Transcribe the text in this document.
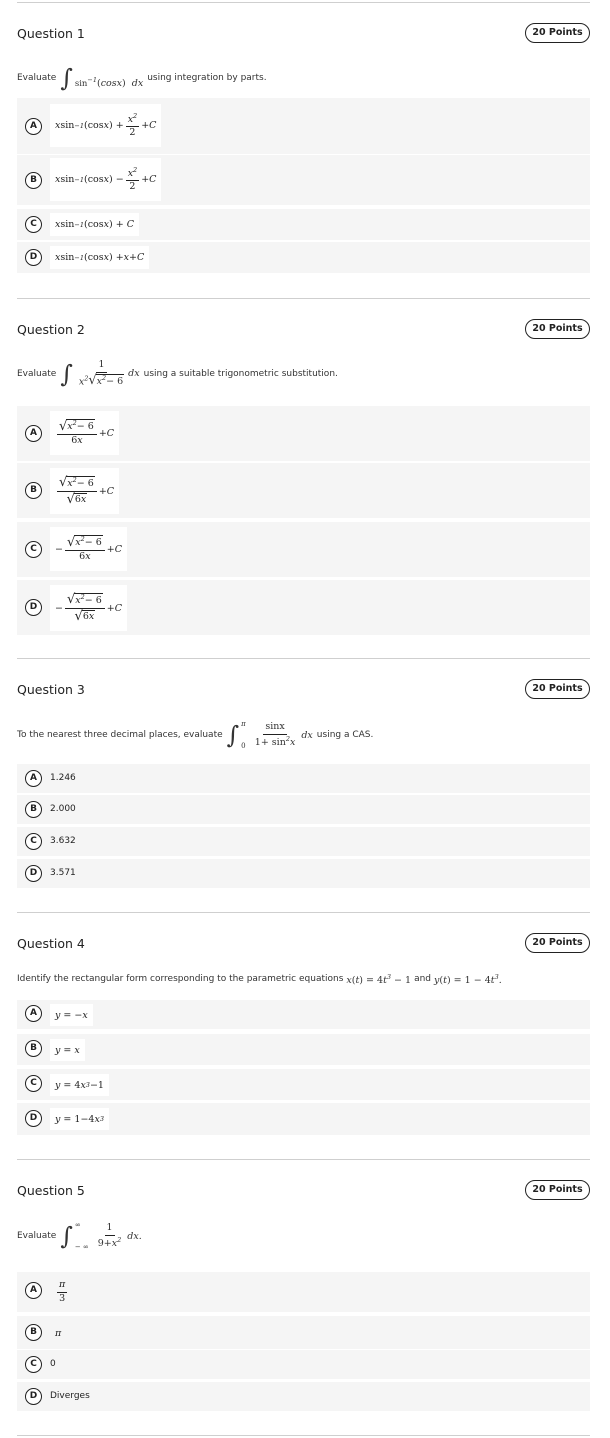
Question 1	20 Points
Evaluate ∫ $\sin^{-1}(\cos x)$  dx using integration by parts.
A	x sin −1 (cos x ) + $\frac{x^2}{2} + C$
B	x sin −1 (cos x ) − $\frac{x^2}{2} + C$
C	x sin −1 (cos x ) + C
D	x sin −1 (cos x ) +x+C
Question 2	20 Points
Evaluate ∫ $\frac{1}{x^2 √ x^2- 6}$ dx using a suitable trigonometric substitution.
A	$\frac{√ x^2- 6}{6x} +C$
B	$\frac{√ x^2- 6}{√ 6x} +C$
C	− $\frac{√ x^2- 6}{6x} +C$
D	− $\frac{√ x^2- 6}{√ 6x} +C$
Question 3	20 Points
To the nearest three decimal places, evaluate ∫ π
$0 \frac{\sin x}{1+ \sin^2x}$ dx using a CAS.
A	1.246
B	2.000
C	3.632
D	3.571
Question 4	20 Points
Identify the rectangular form corresponding to the parametric equations $x(t) = 4t^3 - 1$ and $y(t) = 1 - 4t^3$.
A	y = −x
B	y = x
C	y = 4 x 3 − 1
D	y = 1 − 4 x 3
Question 5	20 Points
Evaluate ∫ ∞
− ∞ $\frac{1}{9+x^2}$ dx.
A	$\frac{\pi}{3}$
B	π
C	0
D	Diverges
